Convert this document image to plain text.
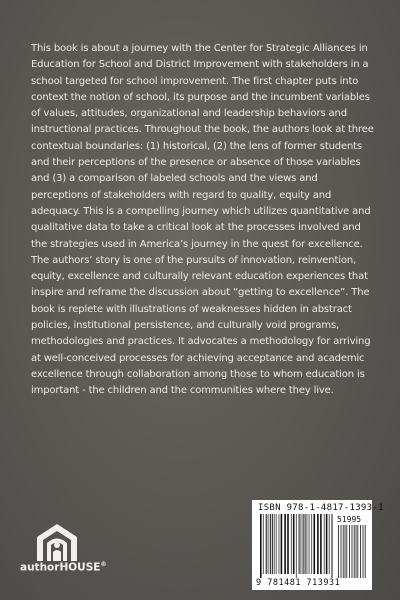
This book is about a journey with the Center for Strategic Alliances in Education for School and District Improvement with stakeholders in a school targeted for school improvement. The first chapter puts into context the notion of school, its purpose and the incumbent variables of values, attitudes, organizational and leadership behaviors and instructional practices. Throughout the book, the authors look at three contextual boundaries: (1) historical, (2) the lens of former students and their perceptions of the presence or absence of those variables and (3) a comparison of labeled schools and the views and perceptions of stakeholders with regard to quality, equity and adequacy. This is a compelling journey which utilizes quantitative and qualitative data to take a critical look at the processes involved and the strategies used in America’s journey in the quest for excellence. The authors’ story is one of the pursuits of innovation, reinvention, equity, excellence and culturally relevant education experiences that inspire and reframe the discussion about “getting to excellence”. The book is replete with illustrations of weaknesses hidden in abstract policies, institutional persistence, and culturally void programs, methodologies and practices. It advocates a methodology for arriving at well-conceived processes for achieving acceptance and academic excellence through collaboration among those to whom education is important - the children and the communities where they live.

authorHOUSE®
ISBN 978-1-4817-1393-1
51995
9 781481 713931
